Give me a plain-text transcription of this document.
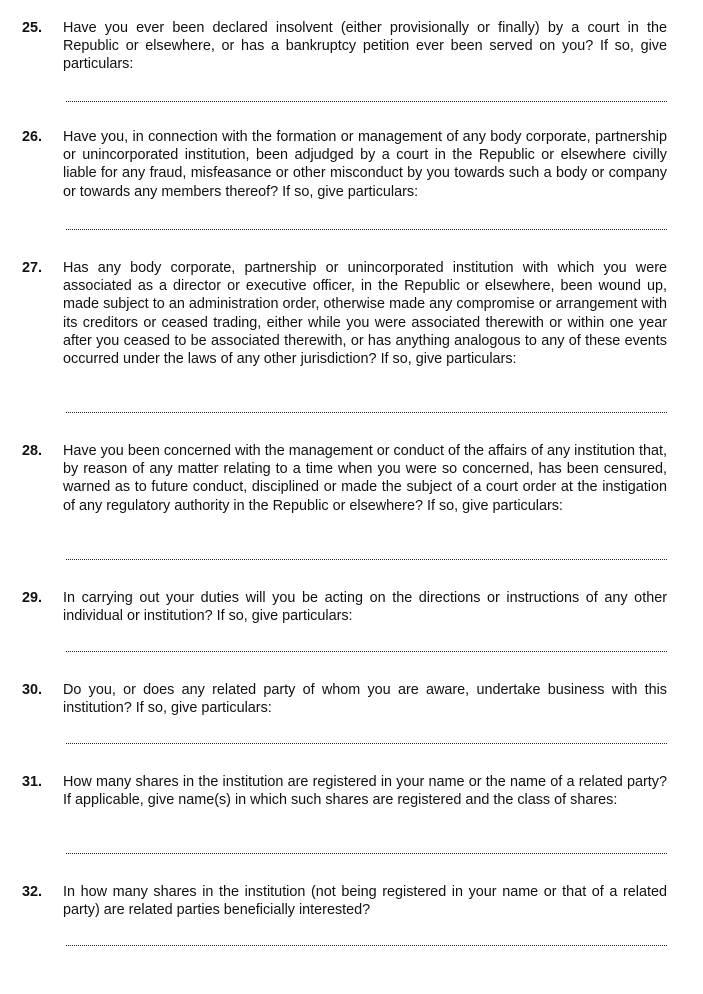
25. Have you ever been declared insolvent (either provisionally or finally) by a court in the Republic or elsewhere, or has a bankruptcy petition ever been served on you? If so, give particulars:
26. Have you, in connection with the formation or management of any body corporate, partnership or unincorporated institution, been adjudged by a court in the Republic or elsewhere civilly liable for any fraud, misfeasance or other misconduct by you towards such a body or company or towards any members thereof? If so, give particulars:
27. Has any body corporate, partnership or unincorporated institution with which you were associated as a director or executive officer, in the Republic or elsewhere, been wound up, made subject to an administration order, otherwise made any compromise or arrangement with its creditors or ceased trading, either while you were associated therewith or within one year after you ceased to be associated therewith, or has anything analogous to any of these events occurred under the laws of any other jurisdiction? If so, give particulars:
28. Have you been concerned with the management or conduct of the affairs of any institution that, by reason of any matter relating to a time when you were so concerned, has been censured, warned as to future conduct, disciplined or made the subject of a court order at the instigation of any regulatory authority in the Republic or elsewhere? If so, give particulars:
29. In carrying out your duties will you be acting on the directions or instructions of any other individual or institution? If so, give particulars:
30. Do you, or does any related party of whom you are aware, undertake business with this institution? If so, give particulars:
31. How many shares in the institution are registered in your name or the name of a related party? If applicable, give name(s) in which such shares are registered and the class of shares:
32. In how many shares in the institution (not being registered in your name or that of a related party) are related parties beneficially interested?
